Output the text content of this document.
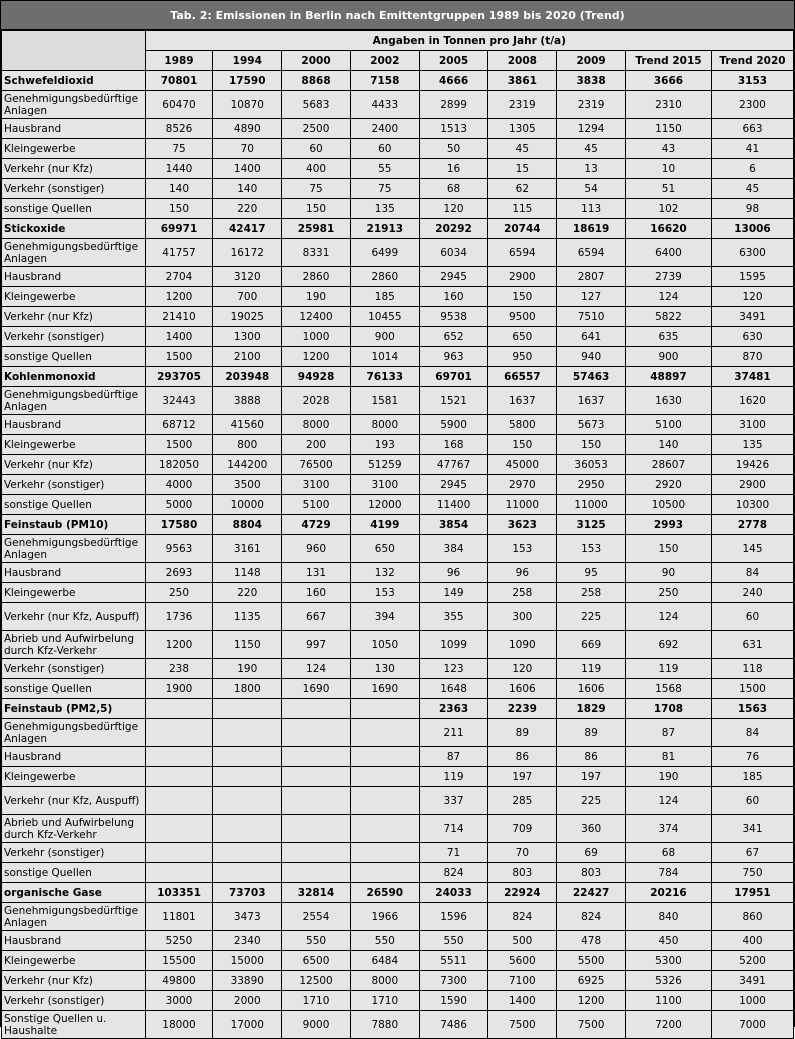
Tab. 2: Emissionen in Berlin nach Emittentgruppen 1989 bis 2020 (Trend)
	Angaben in Tonnen pro Jahr (t/a)								
	1989	1994	2000	2002	2005	2008	2009	Trend 2015	Trend 2020
Schwefeldioxid	70801	17590	8868	7158	4666	3861	3838	3666	3153
Genehmigungsbedürftige Anlagen	60470	10870	5683	4433	2899	2319	2319	2310	2300
Hausbrand	8526	4890	2500	2400	1513	1305	1294	1150	663
Kleingewerbe	75	70	60	60	50	45	45	43	41
Verkehr (nur Kfz)	1440	1400	400	55	16	15	13	10	6
Verkehr (sonstiger)	140	140	75	75	68	62	54	51	45
sonstige Quellen	150	220	150	135	120	115	113	102	98
Stickoxide	69971	42417	25981	21913	20292	20744	18619	16620	13006
Genehmigungsbedürftige Anlagen	41757	16172	8331	6499	6034	6594	6594	6400	6300
Hausbrand	2704	3120	2860	2860	2945	2900	2807	2739	1595
Kleingewerbe	1200	700	190	185	160	150	127	124	120
Verkehr (nur Kfz)	21410	19025	12400	10455	9538	9500	7510	5822	3491
Verkehr (sonstiger)	1400	1300	1000	900	652	650	641	635	630
sonstige Quellen	1500	2100	1200	1014	963	950	940	900	870
Kohlenmonoxid	293705	203948	94928	76133	69701	66557	57463	48897	37481
Genehmigungsbedürftige Anlagen	32443	3888	2028	1581	1521	1637	1637	1630	1620
Hausbrand	68712	41560	8000	8000	5900	5800	5673	5100	3100
Kleingewerbe	1500	800	200	193	168	150	150	140	135
Verkehr (nur Kfz)	182050	144200	76500	51259	47767	45000	36053	28607	19426
Verkehr (sonstiger)	4000	3500	3100	3100	2945	2970	2950	2920	2900
sonstige Quellen	5000	10000	5100	12000	11400	11000	11000	10500	10300
Feinstaub (PM10)	17580	8804	4729	4199	3854	3623	3125	2993	2778
Genehmigungsbedürftige Anlagen	9563	3161	960	650	384	153	153	150	145
Hausbrand	2693	1148	131	132	96	96	95	90	84
Kleingewerbe	250	220	160	153	149	258	258	250	240
Verkehr (nur Kfz, Auspuff)	1736	1135	667	394	355	300	225	124	60
Abrieb und Aufwirbelung durch Kfz-Verkehr	1200	1150	997	1050	1099	1090	669	692	631
Verkehr (sonstiger)	238	190	124	130	123	120	119	119	118
sonstige Quellen	1900	1800	1690	1690	1648	1606	1606	1568	1500
Feinstaub (PM2,5)					2363	2239	1829	1708	1563
Genehmigungsbedürftige Anlagen					211	89	89	87	84
Hausbrand					87	86	86	81	76
Kleingewerbe					119	197	197	190	185
Verkehr (nur Kfz, Auspuff)					337	285	225	124	60
Abrieb und Aufwirbelung durch Kfz-Verkehr					714	709	360	374	341
Verkehr (sonstiger)					71	70	69	68	67
sonstige Quellen					824	803	803	784	750
organische Gase	103351	73703	32814	26590	24033	22924	22427	20216	17951
Genehmigungsbedürftige Anlagen	11801	3473	2554	1966	1596	824	824	840	860
Hausbrand	5250	2340	550	550	550	500	478	450	400
Kleingewerbe	15500	15000	6500	6484	5511	5600	5500	5300	5200
Verkehr (nur Kfz)	49800	33890	12500	8000	7300	7100	6925	5326	3491
Verkehr (sonstiger)	3000	2000	1710	1710	1590	1400	1200	1100	1000
Sonstige Quellen u. Haushalte	18000	17000	9000	7880	7486	7500	7500	7200	7000
